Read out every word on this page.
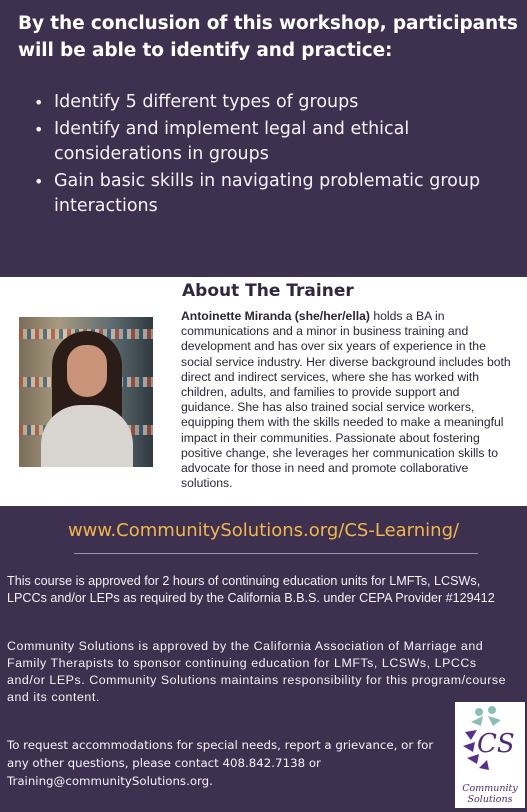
By the conclusion of this workshop, participants will be able to identify and practice:
• Identify 5 different types of groups
• Identify and implement legal and ethical considerations in groups
• Gain basic skills in navigating problematic group interactions
About The Trainer

Antoinette Miranda (she/her/ella) holds a BA in communications and a minor in business training and development and has over six years of experience in the social service industry. Her diverse background includes both direct and indirect services, where she has worked with children, adults, and families to provide support and guidance. She has also trained social service workers, equipping them with the skills needed to make a meaningful impact in their communities. Passionate about fostering positive change, she leverages her communication skills to advocate for those in need and promote collaborative solutions.

www.CommunitySolutions.org/CS-Learning/

This course is approved for 2 hours of continuing education units for LMFTs, LCSWs, LPCCs and/or LEPs as required by the California B.B.S. under CEPA Provider #129412

Community Solutions is approved by the California Association of Marriage and Family Therapists to sponsor continuing education for LMFTs, LCSWs, LPCCs and/or LEPs. Community Solutions maintains responsibility for this program/course and its content.

To request accommodations for special needs, report a grievance, or for any other questions, please contact 408.842.7138 or Training@communitySolutions.org.

CS
Community
Solutions
